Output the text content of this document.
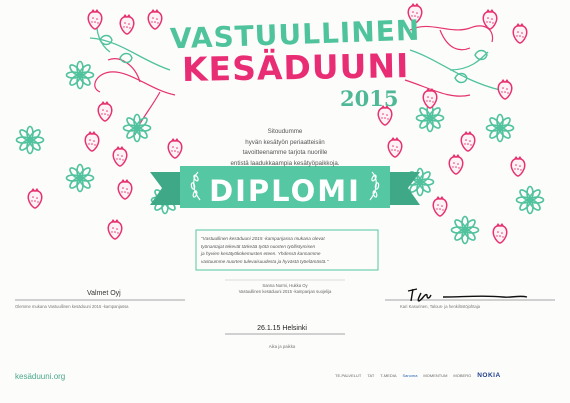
VASTUULLINEN
KESÄDUUNI
2015
Sitoudumme
hyvän kesätyön periaatteisiin
tavoitteenamme tarjota nuorille
entistä laadukkaampia kesätyöpaikkoja.
DIPLOMI
"Vastuullinen kesäduuni 2015 -kampanjassa mukana olevat
työnantajat tekevät tärkeää työtä nuorten työllistymisen
ja hyvien kesätyökokemusten eteen. Yhdessä kannamme
vastuumme nuorten tulevaisuudesta ja hyvästä työelämästä."
Sanna Nurmi, Hukka Oy
Vastuullinen kesäduuni 2015 -kampanjan suojelija
Valmet Oyj
Olemme mukana Vastuullinen kesäduuni 2015 -kampanjassa
26.1.15 Helsinki
Aika ja paikka
Kari Kasurinen, Talous- ja henkilöstöjohtaja
kesäduuni.org	TE-PALVELUT TAT T-MEDIA Sanoma MOMENTUM MOBERG NOKIA
